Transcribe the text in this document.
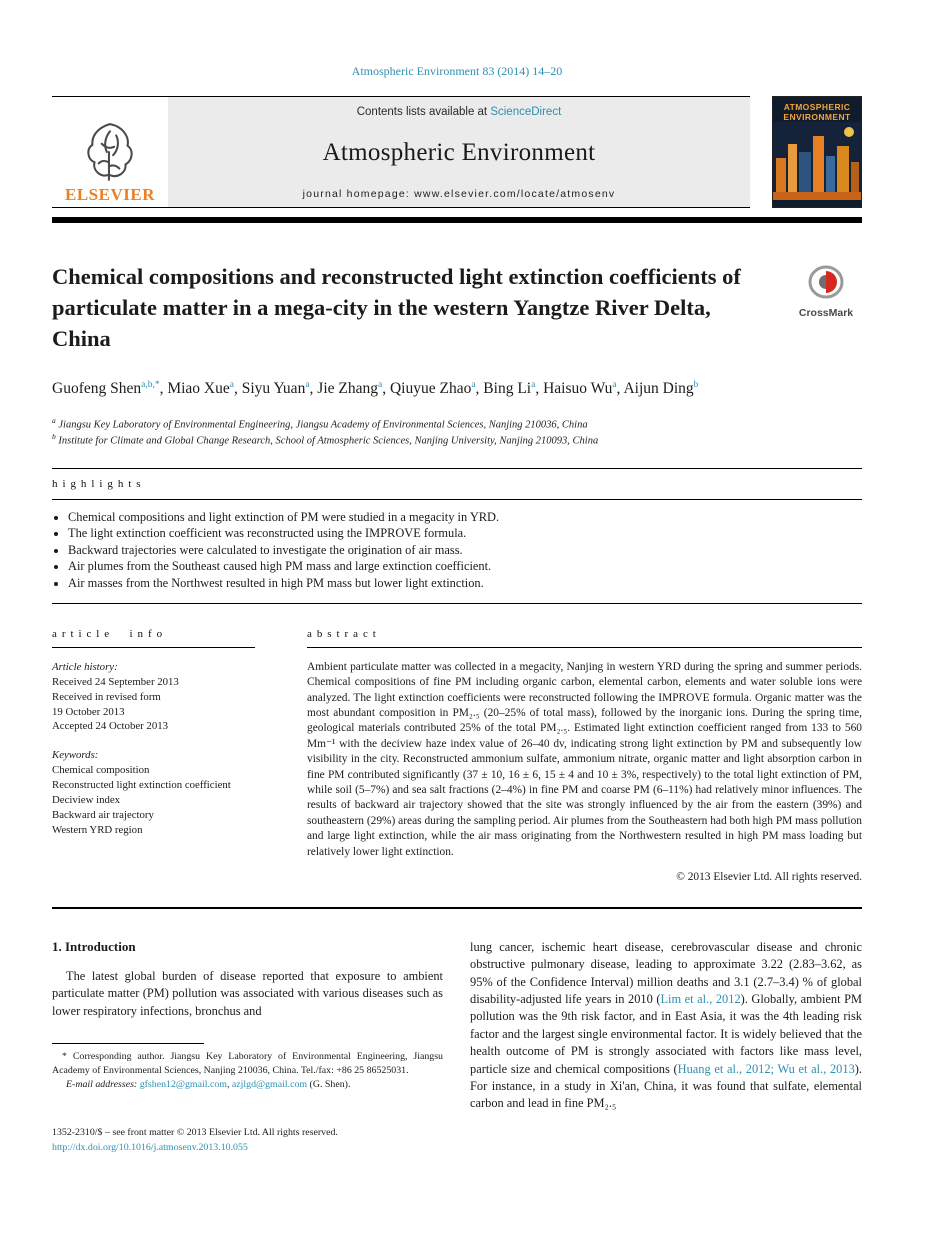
Atmospheric Environment 83 (2014) 14–20
ELSEVIER
Contents lists available at ScienceDirect
Atmospheric Environment
journal homepage: www.elsevier.com/locate/atmosenv
ATMOSPHERIC
ENVIRONMENT
Chemical compositions and reconstructed light extinction coefficients of particulate matter in a mega-city in the western Yangtze River Delta, China
CrossMark
Guofeng Shen$^{a,b,*}$, Miao Xue$^a$, Siyu Yuan$^a$, Jie Zhang$^a$, Qiuyue Zhao$^a$, Bing Li$^a$, Haisuo Wu$^a$, Aijun Ding$^b$
$^a$ Jiangsu Key Laboratory of Environmental Engineering, Jiangsu Academy of Environmental Sciences, Nanjing 210036, China
$^b$ Institute for Climate and Global Change Research, School of Atmospheric Sciences, Nanjing University, Nanjing 210093, China
highlights
• Chemical compositions and light extinction of PM were studied in a megacity in YRD.
• The light extinction coefficient was reconstructed using the IMPROVE formula.
• Backward trajectories were calculated to investigate the origination of air mass.
• Air plumes from the Southeast caused high PM mass and large extinction coefficient.
• Air masses from the Northwest resulted in high PM mass but lower light extinction.
article info
Article history:
Received 24 September 2013
Received in revised form
19 October 2013
Accepted 24 October 2013
Keywords:
Chemical composition
Reconstructed light extinction coefficient
Deciview index
Backward air trajectory
Western YRD region
abstract

Ambient particulate matter was collected in a megacity, Nanjing in western YRD during the spring and summer periods. Chemical compositions of fine PM including organic carbon, elemental carbon, elements and water soluble ions were analyzed. The light extinction coefficients were reconstructed following the IMPROVE formula. Organic matter was the most abundant composition in PM₂.₅ (20–25% of total mass), followed by the inorganic ions. During the spring time, geological materials contributed 25% of the total PM₂.₅. Estimated light extinction coefficient ranged from 133 to 560 Mm⁻¹ with the deciview haze index value of 26–40 dv, indicating strong light extinction by PM and subsequently low visibility in the city. Reconstructed ammonium sulfate, ammonium nitrate, organic matter and light absorption carbon in fine PM contributed significantly (37 ± 10, 16 ± 6, 15 ± 4 and 10 ± 3%, respectively) to the total light extinction of PM, while soil (5–7%) and sea salt fractions (2–4%) in fine PM and coarse PM (6–11%) had relatively minor influences. The results of backward air trajectory showed that the site was strongly influenced by the air from the eastern (39%) and southeastern (29%) areas during the sampling period. Air plumes from the Southeastern had both high PM mass pollution and large light extinction, while the air mass originating from the Northwestern resulted in high PM mass loading but relatively lower light extinction.

© 2013 Elsevier Ltd. All rights reserved.
1. Introduction

The latest global burden of disease reported that exposure to ambient particulate matter (PM) pollution was associated with various diseases such as lower respiratory infections, bronchus and

lung cancer, ischemic heart disease, cerebrovascular disease and chronic obstructive pulmonary disease, leading to approximate 3.22 (2.83–3.62, as 95% of the Confidence Interval) million deaths and 3.1 (2.7–3.4) % of global disability-adjusted life years in 2010 (Lim et al., 2012). Globally, ambient PM pollution was the 9th risk factor, and in East Asia, it was the 4th leading risk factor and the largest single environmental factor. It is widely believed that the health outcome of PM is strongly associated with factors like mass level, particle size and chemical compositions (Huang et al., 2012; Wu et al., 2013). For instance, in a study in Xi'an, China, it was found that sulfate, elemental carbon and lead in fine PM₂.₅

* Corresponding author. Jiangsu Key Laboratory of Environmental Engineering, Jiangsu Academy of Environmental Sciences, Nanjing 210036, China. Tel./fax: +86 25 86525031.

E-mail addresses: gfshen12@gmail.com, azjlgd@gmail.com (G. Shen).

1352-2310/$ – see front matter © 2013 Elsevier Ltd. All rights reserved.
http://dx.doi.org/10.1016/j.atmosenv.2013.10.055
